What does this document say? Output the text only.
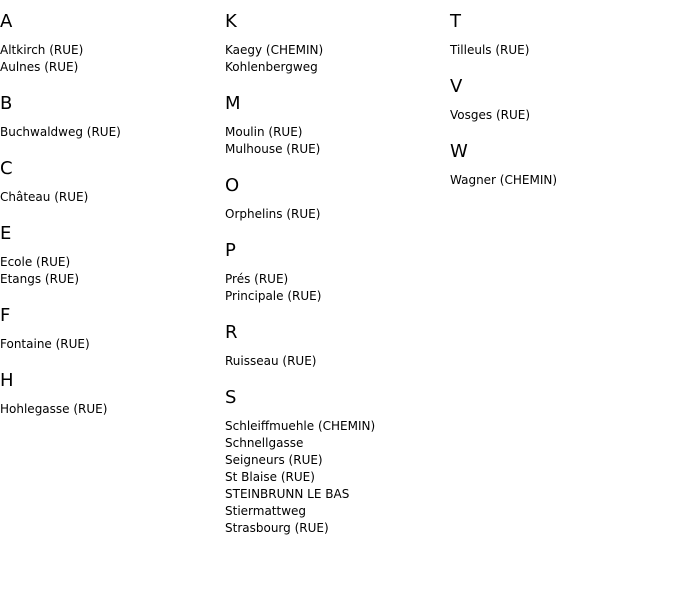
A
Altkirch (RUE)
Aulnes (RUE)
B
Buchwaldweg (RUE)
C
Château (RUE)
E
Ecole (RUE)
Etangs (RUE)
F
Fontaine (RUE)
H
Hohlegasse (RUE)
K
Kaegy (CHEMIN)
Kohlenbergweg
M
Moulin (RUE)
Mulhouse (RUE)
O
Orphelins (RUE)
P
Prés (RUE)
Principale (RUE)
R
Ruisseau (RUE)
S
Schleiffmuehle (CHEMIN)
Schnellgasse
Seigneurs (RUE)
St Blaise (RUE)
STEINBRUNN LE BAS
Stiermattweg
Strasbourg (RUE)
T
Tilleuls (RUE)
V
Vosges (RUE)
W
Wagner (CHEMIN)
